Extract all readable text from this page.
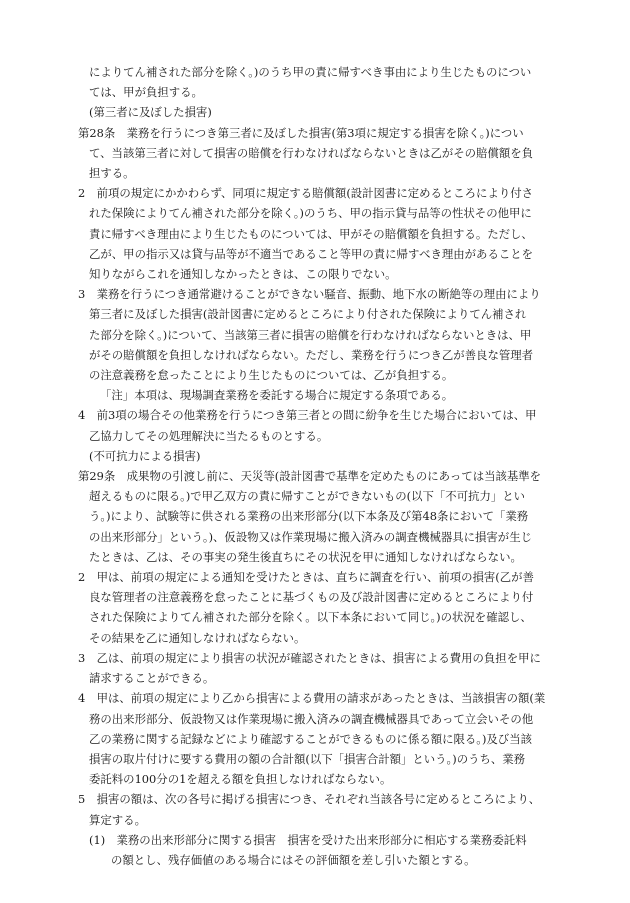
によりてん補された部分を除く。)のうち甲の責に帰すべき事由により生じたものについ
ては、甲が負担する。
(第三者に及ぼした損害)
第28条　業務を行うにつき第三者に及ぼした損害(第3項に規定する損害を除く。)につい
て、当該第三者に対して損害の賠償を行わなければならないときは乙がその賠償額を負
担する。
2　前項の規定にかかわらず、同項に規定する賠償額(設計図書に定めるところにより付さ
れた保険によりてん補された部分を除く。)のうち、甲の指示貸与品等の性状その他甲に
責に帰すべき理由により生じたものについては、甲がその賠償額を負担する。ただし、
乙が、甲の指示又は貸与品等が不適当であること等甲の責に帰すべき理由があることを
知りながらこれを通知しなかったときは、この限りでない。
3　業務を行うにつき通常避けることができない騒音、振動、地下水の断絶等の理由により
第三者に及ぼした損害(設計図書に定めるところにより付された保険によりてん補され
た部分を除く。)について、当該第三者に損害の賠償を行わなければならないときは、甲
がその賠償額を負担しなければならない。ただし、業務を行うにつき乙が善良な管理者
の注意義務を怠ったことにより生じたものについては、乙が負担する。
「注」本項は、現場調査業務を委託する場合に規定する条項である。
4　前3項の場合その他業務を行うにつき第三者との間に紛争を生じた場合においては、甲
乙協力してその処理解決に当たるものとする。
(不可抗力による損害)
第29条　成果物の引渡し前に、天災等(設計図書で基準を定めたものにあっては当該基準を
超えるものに限る。)で甲乙双方の責に帰すことができないもの(以下「不可抗力」とい
う。)により、試験等に供される業務の出来形部分(以下本条及び第48条において「業務
の出来形部分」という。)、仮設物又は作業現場に搬入済みの調査機械器具に損害が生じ
たときは、乙は、その事実の発生後直ちにその状況を甲に通知しなければならない。
2　甲は、前項の規定による通知を受けたときは、直ちに調査を行い、前項の損害(乙が善
良な管理者の注意義務を怠ったことに基づくもの及び設計図書に定めるところにより付
された保険によりてん補された部分を除く。以下本条において同じ。)の状況を確認し、
その結果を乙に通知しなければならない。
3　乙は、前項の規定により損害の状況が確認されたときは、損害による費用の負担を甲に
請求することができる。
4　甲は、前項の規定により乙から損害による費用の請求があったときは、当該損害の額(業
務の出来形部分、仮設物又は作業現場に搬入済みの調査機械器具であって立会いその他
乙の業務に関する記録などにより確認することができるものに係る額に限る。)及び当該
損害の取片付けに要する費用の額の合計額(以下「損害合計額」という。)のうち、業務
委託料の100分の1を超える額を負担しなければならない。
5　損害の額は、次の各号に掲げる損害につき、それぞれ当該各号に定めるところにより、
算定する。
(1)　業務の出来形部分に関する損害　損害を受けた出来形部分に相応する業務委託料
の額とし、残存価値のある場合にはその評価額を差し引いた額とする。
